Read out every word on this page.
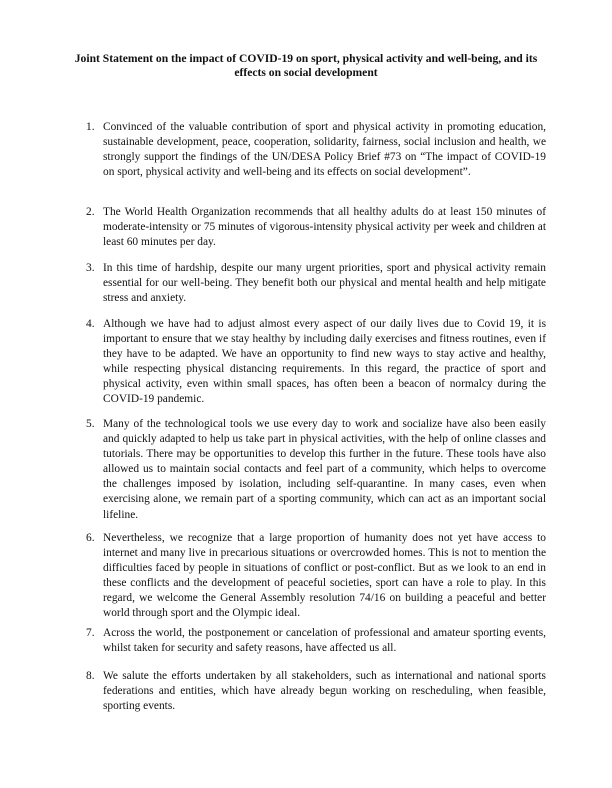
Joint Statement on the impact of COVID-19 on sport, physical activity and well-being, and its effects on social development
1. Convinced of the valuable contribution of sport and physical activity in promoting education, sustainable development, peace, cooperation, solidarity, fairness, social inclusion and health, we strongly support the findings of the UN/DESA Policy Brief #73 on “The impact of COVID-19 on sport, physical activity and well-being and its effects on social development”.
2. The World Health Organization recommends that all healthy adults do at least 150 minutes of moderate-intensity or 75 minutes of vigorous-intensity physical activity per week and children at least 60 minutes per day.
3. In this time of hardship, despite our many urgent priorities, sport and physical activity remain essential for our well-being. They benefit both our physical and mental health and help mitigate stress and anxiety.
4. Although we have had to adjust almost every aspect of our daily lives due to Covid 19, it is important to ensure that we stay healthy by including daily exercises and fitness routines, even if they have to be adapted. We have an opportunity to find new ways to stay active and healthy, while respecting physical distancing requirements. In this regard, the practice of sport and physical activity, even within small spaces, has often been a beacon of normalcy during the COVID-19 pandemic.
5. Many of the technological tools we use every day to work and socialize have also been easily and quickly adapted to help us take part in physical activities, with the help of online classes and tutorials. There may be opportunities to develop this further in the future. These tools have also allowed us to maintain social contacts and feel part of a community, which helps to overcome the challenges imposed by isolation, including self-quarantine. In many cases, even when exercising alone, we remain part of a sporting community, which can act as an important social lifeline.
6. Nevertheless, we recognize that a large proportion of humanity does not yet have access to internet and many live in precarious situations or overcrowded homes. This is not to mention the difficulties faced by people in situations of conflict or post-conflict. But as we look to an end in these conflicts and the development of peaceful societies, sport can have a role to play. In this regard, we welcome the General Assembly resolution 74/16 on building a peaceful and better world through sport and the Olympic ideal.
7. Across the world, the postponement or cancelation of professional and amateur sporting events, whilst taken for security and safety reasons, have affected us all.
8. We salute the efforts undertaken by all stakeholders, such as international and national sports federations and entities, which have already begun working on rescheduling, when feasible, sporting events.
